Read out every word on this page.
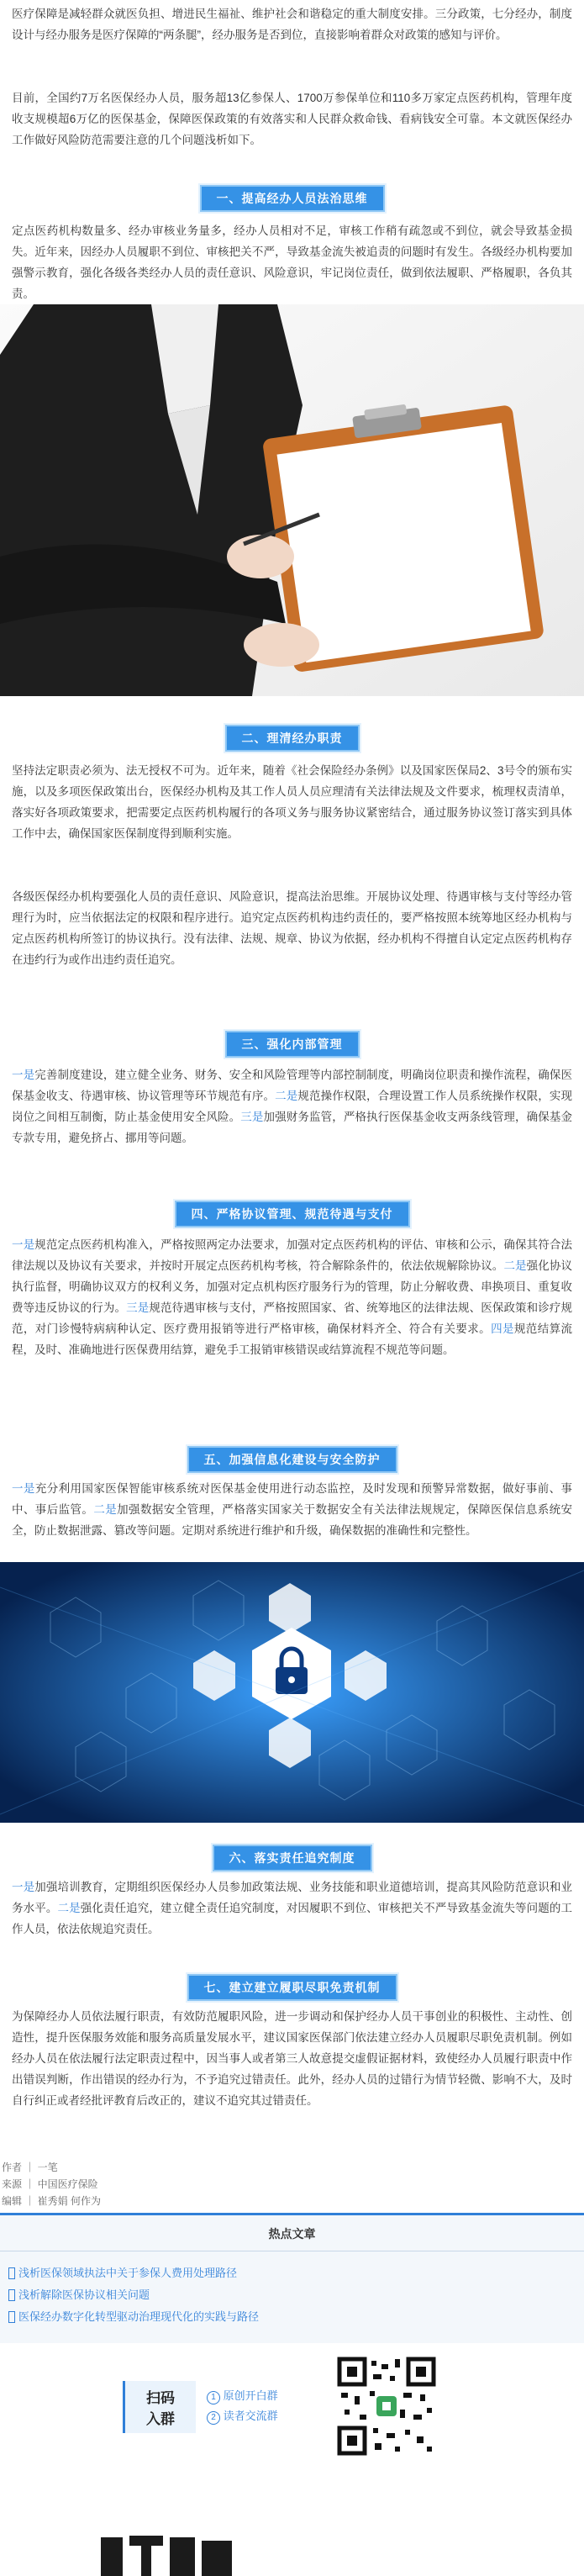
医疗保障是减轻群众就医负担、增进民生福祉、维护社会和谐稳定的重大制度安排。三分政策，七分经办，制度设计与经办服务是医疗保障的“两条腿”，经办服务是否到位，直接影响着群众对政策的感知与评价。

目前，全国约7万名医保经办人员，服务超13亿参保人、1700万参保单位和110多万家定点医药机构，管理年度收支规模超6万亿的医保基金，保障医保政策的有效落实和人民群众救命钱、看病钱安全可靠。本文就医保经办工作做好风险防范需要注意的几个问题浅析如下。

一、提高经办人员法治思维

定点医药机构数量多、经办审核业务量多，经办人员相对不足，审核工作稍有疏忽或不到位，就会导致基金损失。近年来，因经办人员履职不到位、审核把关不严，导致基金流失被追责的问题时有发生。各级经办机构要加强警示教育，强化各级各类经办人员的责任意识、风险意识，牢记岗位责任，做到依法履职、严格履职，各负其责。

二、理清经办职责

坚持法定职责必须为、法无授权不可为。近年来，随着《社会保险经办条例》以及国家医保局2、3号令的颁布实施，以及多项医保政策出台，医保经办机构及其工作人员人员应理清有关法律法规及文件要求，梳理权责清单，落实好各项政策要求，把需要定点医药机构履行的各项义务与服务协议紧密结合，通过服务协议签订落实到具体工作中去，确保国家医保制度得到顺利实施。

各级医保经办机构要强化人员的责任意识、风险意识，提高法治思维。开展协议处理、待遇审核与支付等经办管理行为时，应当依据法定的权限和程序进行。追究定点医药机构违约责任的，要严格按照本统筹地区经办机构与定点医药机构所签订的协议执行。没有法律、法规、规章、协议为依据，经办机构不得擅自认定定点医药机构存在违约行为或作出违约责任追究。

三、强化内部管理

一是完善制度建设，建立健全业务、财务、安全和风险管理等内部控制制度，明确岗位职责和操作流程，确保医保基金收支、待遇审核、协议管理等环节规范有序。二是规范操作权限，合理设置工作人员系统操作权限，实现岗位之间相互制衡，防止基金使用安全风险。三是加强财务监管，严格执行医保基金收支两条线管理，确保基金专款专用，避免挤占、挪用等问题。

四、严格协议管理、规范待遇与支付

一是规范定点医药机构准入，严格按照两定办法要求，加强对定点医药机构的评估、审核和公示，确保其符合法律法规以及协议有关要求，并按时开展定点医药机构考核，符合解除条件的，依法依规解除协议。二是强化协议执行监督，明确协议双方的权利义务，加强对定点机构医疗服务行为的管理，防止分解收费、串换项目、重复收费等违反协议的行为。三是规范待遇审核与支付，严格按照国家、省、统筹地区的法律法规、医保政策和诊疗规范，对门诊慢特病病种认定、医疗费用报销等进行严格审核，确保材料齐全、符合有关要求。四是规范结算流程，及时、准确地进行医保费用结算，避免手工报销审核错误或结算流程不规范等问题。

五、加强信息化建设与安全防护

一是充分利用国家医保智能审核系统对医保基金使用进行动态监控，及时发现和预警异常数据，做好事前、事中、事后监管。二是加强数据安全管理，严格落实国家关于数据安全有关法律法规规定，保障医保信息系统安全，防止数据泄露、篡改等问题。定期对系统进行维护和升级，确保数据的准确性和完整性。

六、落实责任追究制度

一是加强培训教育，定期组织医保经办人员参加政策法规、业务技能和职业道德培训，提高其风险防范意识和业务水平。二是强化责任追究，建立健全责任追究制度，对因履职不到位、审核把关不严导致基金流失等问题的工作人员，依法依规追究责任。

七、建立建立履职尽职免责机制

为保障经办人员依法履行职责，有效防范履职风险，进一步调动和保护经办人员干事创业的积极性、主动性、创造性，提升医保服务效能和服务高质量发展水平，建议国家医保部门依法建立经办人员履职尽职免责机制。例如经办人员在依法履行法定职责过程中，因当事人或者第三人故意提交虚假证据材料，致使经办人员履行职责中作出错误判断，作出错误的经办行为，不予追究过错责任。此外，经办人员的过错行为情节轻微、影响不大，及时自行纠正或者经批评教育后改正的，建议不追究其过错责任。

作者 ｜ 一笔
来源 ｜ 中国医疗保险
编辑 ｜ 崔秀娟 何作为
热点文章
浅析医保领域执法中关于参保人费用处理路径
浅析解除医保协议相关问题
医保经办数字化转型驱动治理现代化的实践与路径
扫码
入群
1 原创开白群
2 读者交流群
